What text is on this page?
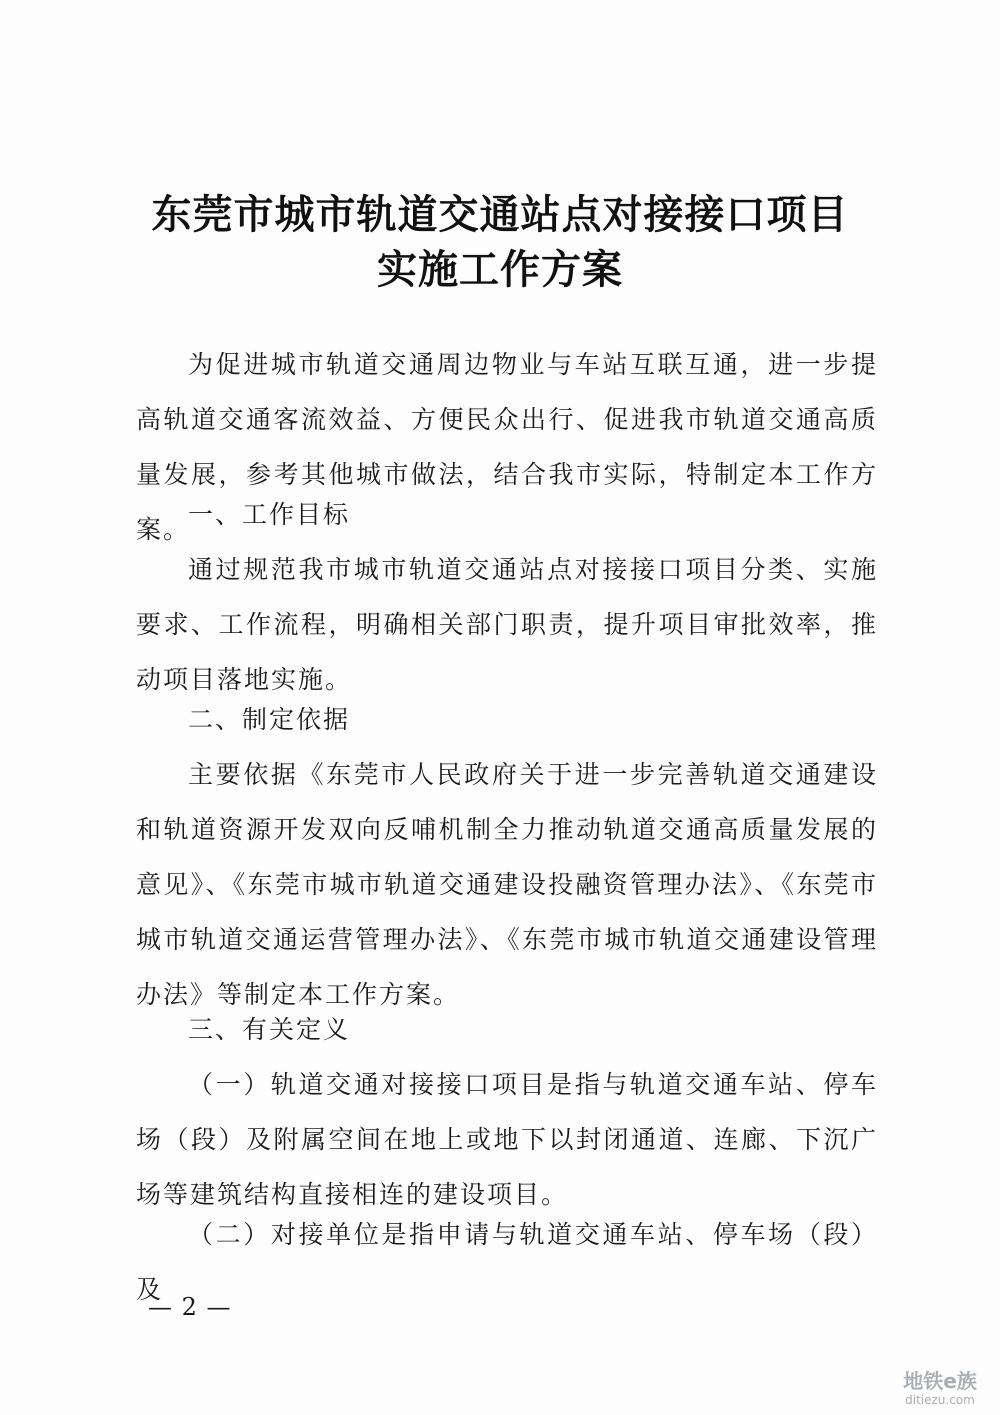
东莞市城市轨道交通站点对接接口项目
实施工作方案

为促进城市轨道交通周边物业与车站互联互通，进一步提高轨道交通客流效益、方便民众出行、促进我市轨道交通高质量发展，参考其他城市做法，结合我市实际，特制定本工作方案。

一、工作目标

通过规范我市城市轨道交通站点对接接口项目分类、实施要求、工作流程，明确相关部门职责，提升项目审批效率，推动项目落地实施。

二、制定依据

主要依据《东莞市人民政府关于进一步完善轨道交通建设和轨道资源开发双向反哺机制全力推动轨道交通高质量发展的意见》、《东莞市城市轨道交通建设投融资管理办法》、《东莞市城市轨道交通运营管理办法》、《东莞市城市轨道交通建设管理办法》等制定本工作方案。

三、有关定义

（一）轨道交通对接接口项目是指与轨道交通车站、停车场（段）及附属空间在地上或地下以封闭通道、连廊、下沉广场等建筑结构直接相连的建设项目。

（二）对接单位是指申请与轨道交通车站、停车场（段）及

— 2 —
地铁e族
ditiezu.com
